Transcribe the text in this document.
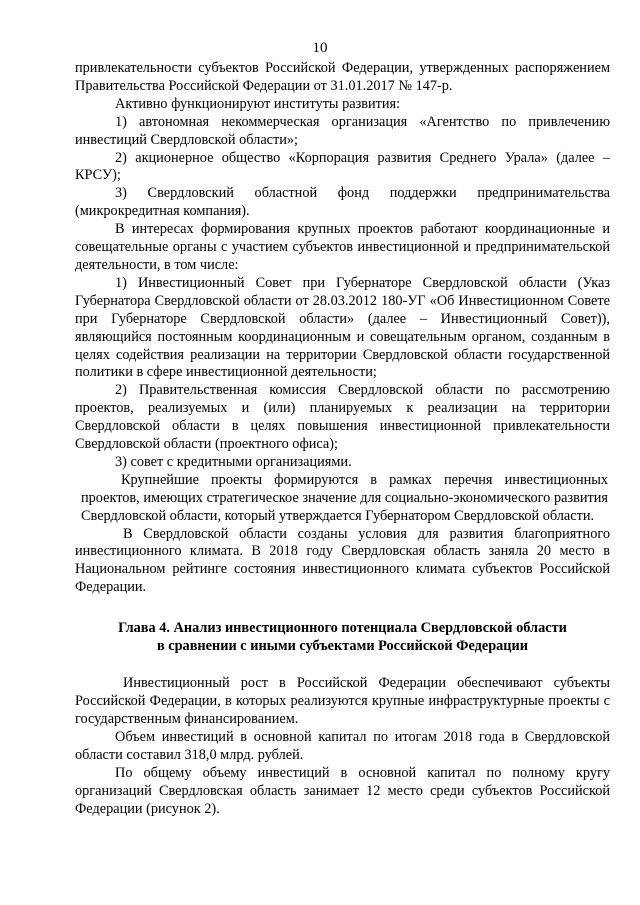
10

привлекательности субъектов Российской Федерации, утвержденных распоряжением Правительства Российской Федерации от 31.01.2017 № 147-р.

Активно функционируют институты развития:

1) автономная некоммерческая организация «Агентство по привлечению инвестиций Свердловской области»;

2) акционерное общество «Корпорация развития Среднего Урала» (далее – КРСУ);

3) Свердловский областной фонд поддержки предпринимательства (микрокредитная компания).

В интересах формирования крупных проектов работают координационные и совещательные органы с участием субъектов инвестиционной и предпринимательской деятельности, в том числе:

1) Инвестиционный Совет при Губернаторе Свердловской области (Указ Губернатора Свердловской области от 28.03.2012 180-УГ «Об Инвестиционном Совете при Губернаторе Свердловской области» (далее – Инвестиционный Совет)), являющийся постоянным координационным и совещательным органом, созданным в целях содействия реализации на территории Свердловской области государственной политики в сфере инвестиционной деятельности;

2) Правительственная комиссия Свердловской области по рассмотрению проектов, реализуемых и (или) планируемых к реализации на территории Свердловской области в целях повышения инвестиционной привлекательности Свердловской области (проектного офиса);

3) совет с кредитными организациями.

Крупнейшие проекты формируются в рамках перечня инвестиционных проектов, имеющих стратегическое значение для социально-экономического развития Свердловской области, который утверждается Губернатором Свердловской области.

В Свердловской области созданы условия для развития благоприятного инвестиционного климата. В 2018 году Свердловская область заняла 20 место в Национальном рейтинге состояния инвестиционного климата субъектов Российской Федерации.

Глава 4. Анализ инвестиционного потенциала Свердловской области
в сравнении с иными субъектами Российской Федерации

Инвестиционный рост в Российской Федерации обеспечивают субъекты Российской Федерации, в которых реализуются крупные инфраструктурные проекты с государственным финансированием.

Объем инвестиций в основной капитал по итогам 2018 года в Свердловской области составил 318,0 млрд. рублей.

По общему объему инвестиций в основной капитал по полному кругу организаций Свердловская область занимает 12 место среди субъектов Российской Федерации (рисунок 2).
